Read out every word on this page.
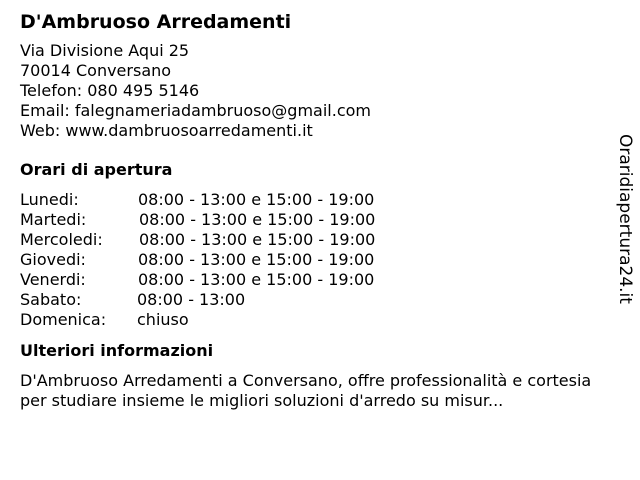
D'Ambruoso Arredamenti
Via Divisione Aqui 25
70014 Conversano
Telefon: 080 495 5146
Email: falegnameriadambruoso@gmail.com
Web: www.dambruosoarredamenti.it
Orari di apertura
Lunedi:	08:00 - 13:00 e 15:00 - 19:00
Martedi:	08:00 - 13:00 e 15:00 - 19:00
Mercoledi: 08:00 - 13:00 e 15:00 - 19:00
Giovedi:	08:00 - 13:00 e 15:00 - 19:00
Venerdi:	08:00 - 13:00 e 15:00 - 19:00
Sabato:	08:00 - 13:00
Domenica: chiuso
Ulteriori informazioni
D'Ambruoso Arredamenti a Conversano, offre professionalità e cortesia per studiare insieme le migliori soluzioni d'arredo su misur...
Oraridiapertura24.it
